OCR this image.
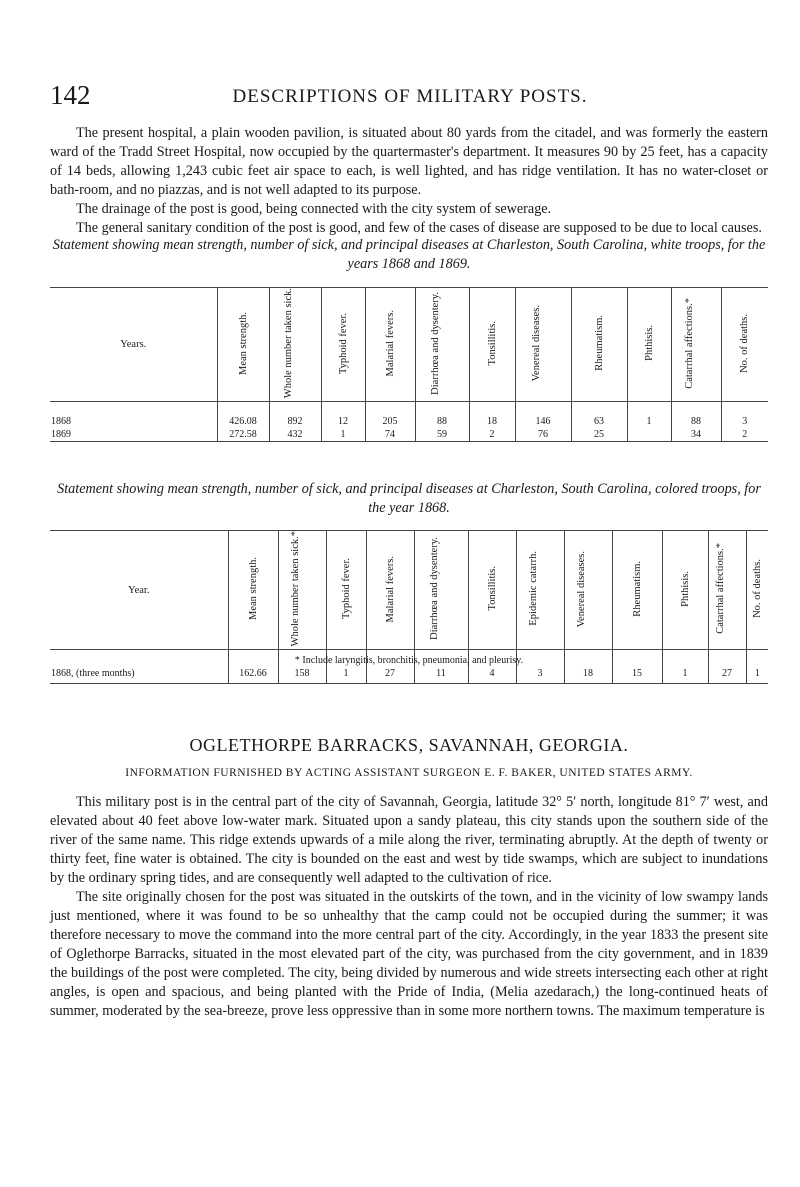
142	DESCRIPTIONS OF MILITARY POSTS.

The present hospital, a plain wooden pavilion, is situated about 80 yards from the citadel, and was formerly the eastern ward of the Tradd Street Hospital, now occupied by the quartermaster's department. It measures 90 by 25 feet, has a capacity of 14 beds, allowing 1,243 cubic feet air space to each, is well lighted, and has ridge ventilation. It has no water-closet or bath-room, and no piazzas, and is not well adapted to its purpose.

The drainage of the post is good, being connected with the city system of sewerage.

The general sanitary condition of the post is good, and few of the cases of disease are supposed to be due to local causes.

Statement showing mean strength, number of sick, and principal diseases at Charleston, South Carolina, white troops, for the years 1868 and 1869.
Years.	Mean strength.	Whole number taken sick.	Typhoid fever.	Malarial fevers.	Diarrhœa and dysentery.	Tonsillitis.	Venereal diseases.	Rheumatism.	Phthisis.	Catarrhal affections.*	No. of deaths.

1868	426.08	892	12	205	88	18	146	63	1	88	3
1869	272.58	432	1	74	59	2	76	25		34	2
Statement showing mean strength, number of sick, and principal diseases at Charleston, South Carolina, colored troops, for the year 1868.
Year.	Mean strength.	Whole number taken sick.*	Typhoid fever.	Malarial fevers.	Diarrhœa and dysentery.	Tonsillitis.	Epidemic catarrh.	Venereal diseases.	Rheumatism.	Phthisis.	Catarrhal affections.*	No. of deaths.

1868, (three months)	162.66	158	1	27	11	4	3	18	15	1	27	1
* Include laryngitis, bronchitis, pneumonia, and pleurisy.
OGLETHORPE BARRACKS, SAVANNAH, GEORGIA.
INFORMATION FURNISHED BY ACTING ASSISTANT SURGEON E. F. BAKER, UNITED STATES ARMY.

This military post is in the central part of the city of Savannah, Georgia, latitude 32° 5′ north, longitude 81° 7′ west, and elevated about 40 feet above low-water mark. Situated upon a sandy plateau, this city stands upon the southern side of the river of the same name. This ridge extends upwards of a mile along the river, terminating abruptly. At the depth of twenty or thirty feet, fine water is obtained. The city is bounded on the east and west by tide swamps, which are subject to inundations by the ordinary spring tides, and are consequently well adapted to the cultivation of rice.

The site originally chosen for the post was situated in the outskirts of the town, and in the vicinity of low swampy lands just mentioned, where it was found to be so unhealthy that the camp could not be occupied during the summer; it was therefore necessary to move the command into the more central part of the city. Accordingly, in the year 1833 the present site of Oglethorpe Barracks, situated in the most elevated part of the city, was purchased from the city government, and in 1839 the buildings of the post were completed. The city, being divided by numerous and wide streets intersecting each other at right angles, is open and spacious, and being planted with the Pride of India, (Melia azedarach,) the long-continued heats of summer, moderated by the sea-breeze, prove less oppressive than in some more northern towns. The maximum temperature is
